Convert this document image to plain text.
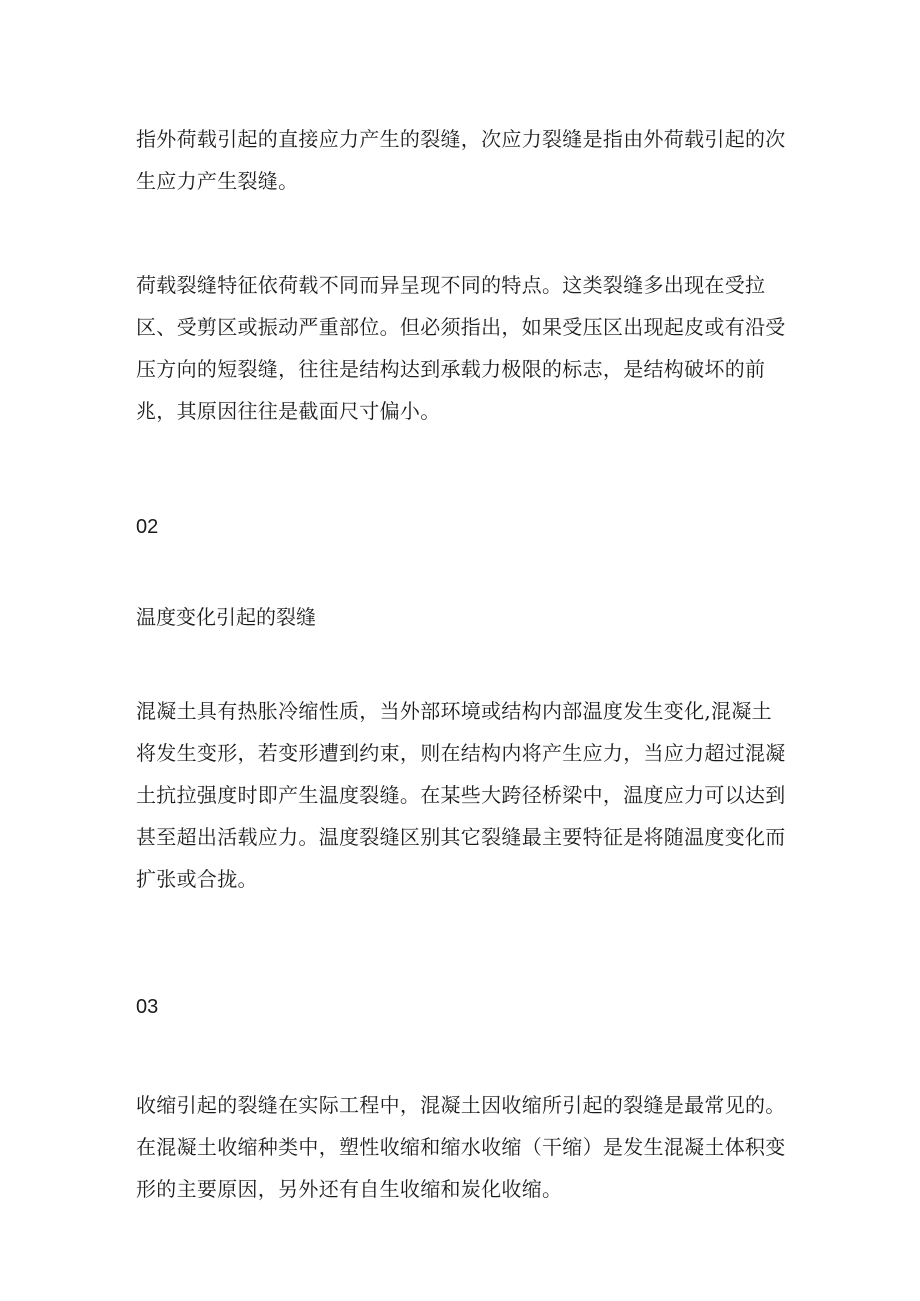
指外荷载引起的直接应力产生的裂缝，次应力裂缝是指由外荷载引起的次生应力产生裂缝。

荷载裂缝特征依荷载不同而异呈现不同的特点。这类裂缝多出现在受拉区、受剪区或振动严重部位。但必须指出，如果受压区出现起皮或有沿受压方向的短裂缝，往往是结构达到承载力极限的标志，是结构破坏的前兆，其原因往往是截面尺寸偏小。

02

温度变化引起的裂缝

混凝土具有热胀冷缩性质，当外部环境或结构内部温度发生变化,混凝土将发生变形，若变形遭到约束，则在结构内将产生应力，当应力超过混凝土抗拉强度时即产生温度裂缝。在某些大跨径桥梁中，温度应力可以达到甚至超出活载应力。温度裂缝区别其它裂缝最主要特征是将随温度变化而扩张或合拢。

03

收缩引起的裂缝在实际工程中，混凝土因收缩所引起的裂缝是最常见的。在混凝土收缩种类中，塑性收缩和缩水收缩（干缩）是发生混凝土体积变形的主要原因，另外还有自生收缩和炭化收缩。
